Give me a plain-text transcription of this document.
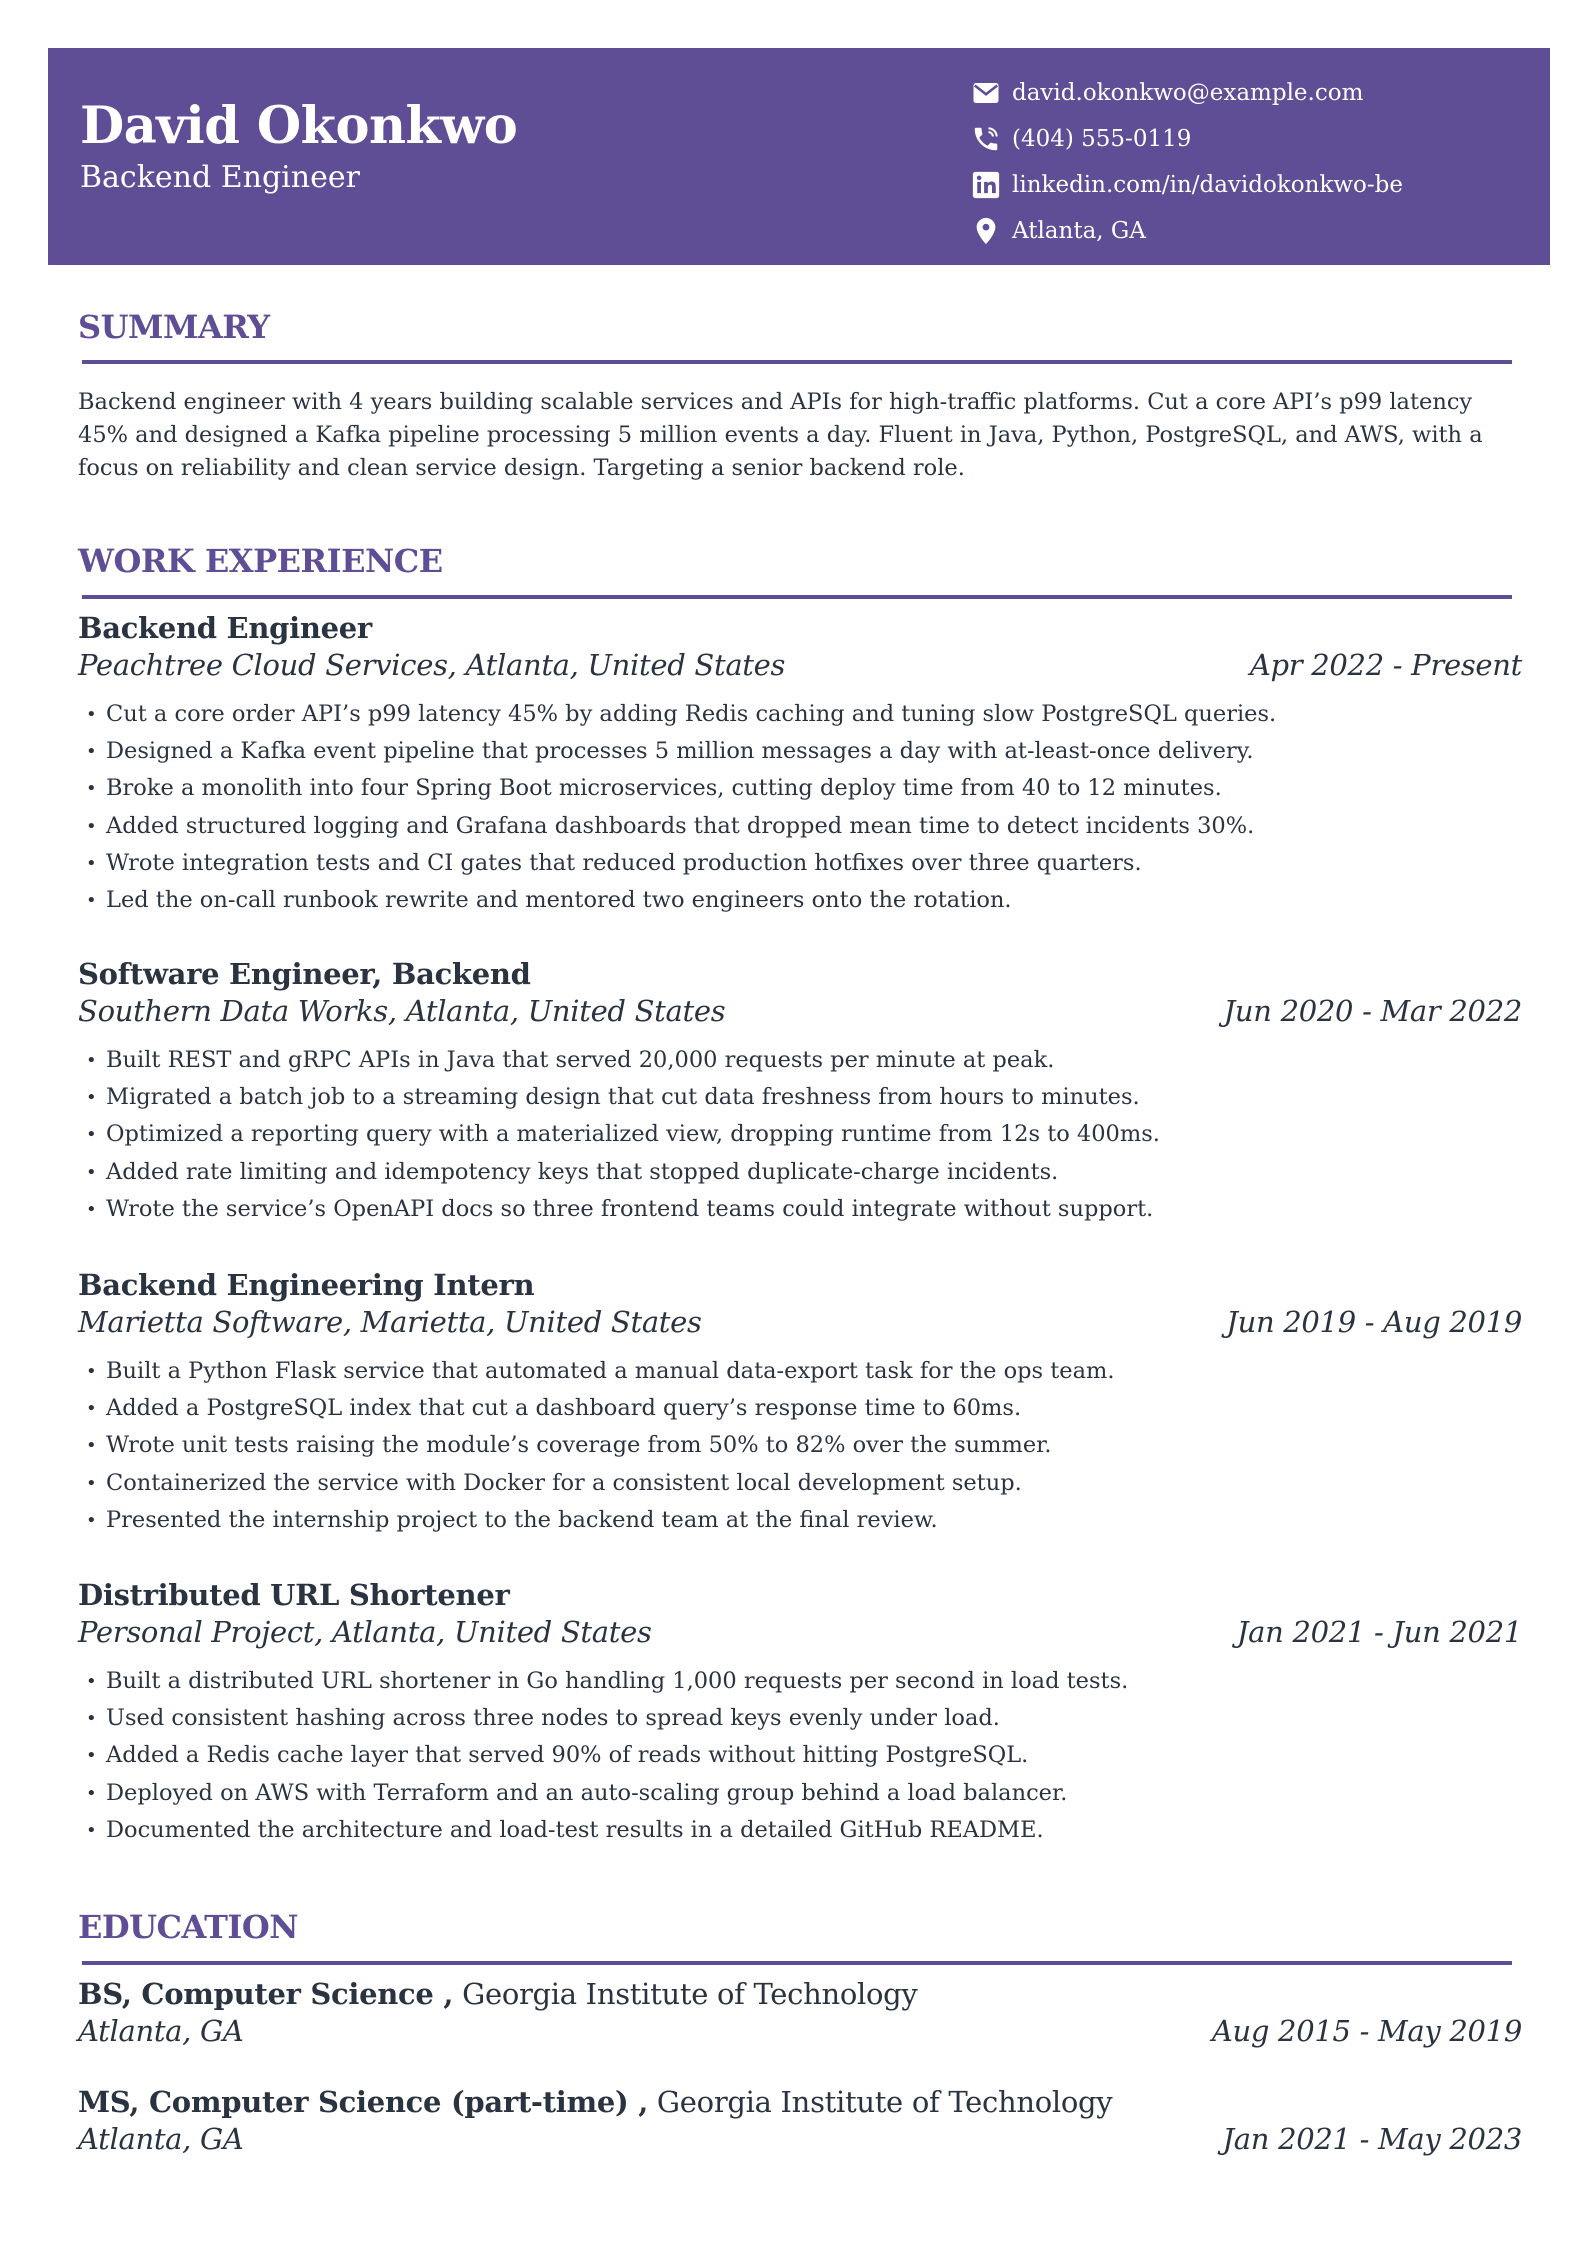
David Okonkwo
Backend Engineer
david.okonkwo@example.com
(404) 555-0119
linkedin.com/in/davidokonkwo-be
Atlanta, GA
SUMMARY
Backend engineer with 4 years building scalable services and APIs for high-traffic platforms. Cut a core API’s p99 latency 45% and designed a Kafka pipeline processing 5 million events a day. Fluent in Java, Python, PostgreSQL, and AWS, with a focus on reliability and clean service design. Targeting a senior backend role.
WORK EXPERIENCE
Backend Engineer
Peachtree Cloud Services, Atlanta, United States	Apr 2022 - Present
• Cut a core order API’s p99 latency 45% by adding Redis caching and tuning slow PostgreSQL queries.
• Designed a Kafka event pipeline that processes 5 million messages a day with at-least-once delivery.
• Broke a monolith into four Spring Boot microservices, cutting deploy time from 40 to 12 minutes.
• Added structured logging and Grafana dashboards that dropped mean time to detect incidents 30%.
• Wrote integration tests and CI gates that reduced production hotfixes over three quarters.
• Led the on-call runbook rewrite and mentored two engineers onto the rotation.
Software Engineer, Backend
Southern Data Works, Atlanta, United States	Jun 2020 - Mar 2022
• Built REST and gRPC APIs in Java that served 20,000 requests per minute at peak.
• Migrated a batch job to a streaming design that cut data freshness from hours to minutes.
• Optimized a reporting query with a materialized view, dropping runtime from 12s to 400ms.
• Added rate limiting and idempotency keys that stopped duplicate-charge incidents.
• Wrote the service’s OpenAPI docs so three frontend teams could integrate without support.
Backend Engineering Intern
Marietta Software, Marietta, United States	Jun 2019 - Aug 2019
• Built a Python Flask service that automated a manual data-export task for the ops team.
• Added a PostgreSQL index that cut a dashboard query’s response time to 60ms.
• Wrote unit tests raising the module’s coverage from 50% to 82% over the summer.
• Containerized the service with Docker for a consistent local development setup.
• Presented the internship project to the backend team at the final review.
Distributed URL Shortener
Personal Project, Atlanta, United States	Jan 2021 - Jun 2021
• Built a distributed URL shortener in Go handling 1,000 requests per second in load tests.
• Used consistent hashing across three nodes to spread keys evenly under load.
• Added a Redis cache layer that served 90% of reads without hitting PostgreSQL.
• Deployed on AWS with Terraform and an auto-scaling group behind a load balancer.
• Documented the architecture and load-test results in a detailed GitHub README.
EDUCATION
BS, Computer Science , Georgia Institute of Technology
Atlanta, GA	Aug 2015 - May 2019
MS, Computer Science (part-time) , Georgia Institute of Technology
Atlanta, GA	Jan 2021 - May 2023
